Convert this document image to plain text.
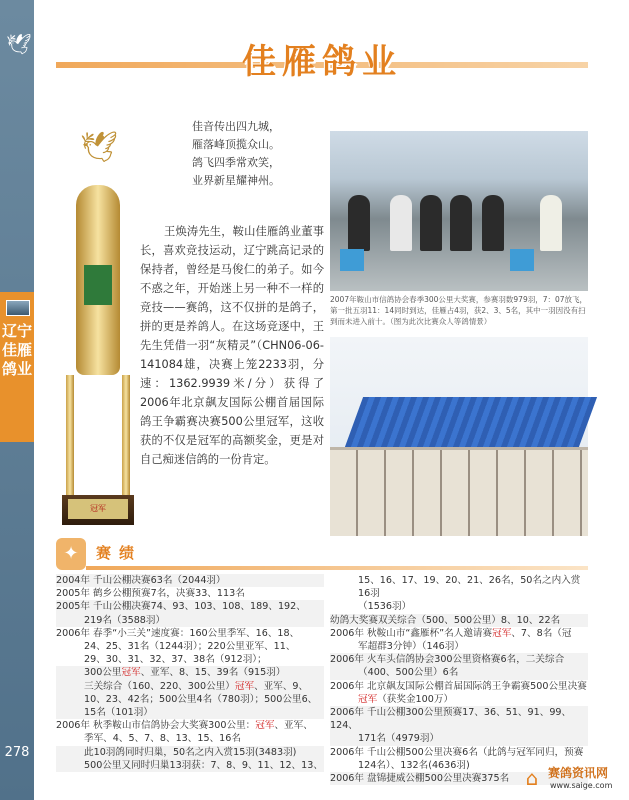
🕊
辽宁佳雁鸽业
278
佳雁鸽业
🕊
冠军
佳音传出四九城，
雁落峰顶揽众山。
鸽飞四季常欢笑，
业界新星耀神州。
王焕涛先生，鞍山佳雁鸽业董事长，喜欢竞技运动，辽宁跳高记录的保持者，曾经是马俊仁的弟子。如今不惑之年，开始迷上另一种不一样的竞技——赛鸽，这不仅拼的是鸽子，拼的更是养鸽人。在这场竞逐中，王先生凭借一羽“灰精灵”（CHN06-06-141084雄，决赛上笼2233羽，分速：1362.9939米/分）获得了2006年北京飙友国际公棚首届国际鸽王争霸赛决赛500公里冠军，这收获的不仅是冠军的高额奖金，更是对自己痴迷信鸽的一份肯定。
2007年鞍山市信鸽协会春季300公里大奖赛，参赛羽数979羽，7：07放飞，第一批五羽11：14同时到达，佳雁占4羽，获2、3、5名，其中一羽因没有扫到而未进入前十。（图为此次比赛众人等鸽情景）
✦	赛绩
2004年 千山公棚决赛63名（2044羽）
2005年 鹤乡公棚预赛7名，决赛33、113名
2005年 千山公棚决赛74、93、103、108、189、192、
219名（3588羽）
2006年 春季“小三关”速度赛：160公里季军、16、18、
24、25、31名（1244羽）；220公里亚军、11、
29、30、31、32、37、38名（912羽）；
300公里冠军、亚军、8、15、39名（915羽）
三关综合（160、220、300公里）冠军、亚军、9、
10、23、42名；500公里4名（780羽）；500公里6、
15名（101羽）
2006年 秋季鞍山市信鸽协会大奖赛300公里：冠军、亚军、
季军、4、5、7、8、13、15、16名
此10羽鸽同时归巢，50名之内入赏15羽(3483羽)
500公里又同时归巢13羽获：7、8、9、11、12、13、
15、16、17、19、20、21、26名，50名之内入赏16羽
（1536羽）
幼鸽大奖赛双关综合（500、500公里）8、10、22名
2006年 秋鞍山市“鑫雁杯”名人邀请赛冠军、7、8名（冠
军超群3分钟）（146羽）
2006年 火车头信鸽协会300公里资格赛6名，二关综合
（400、500公里）6名
2006年 北京飙友国际公棚首届国际鸽王争霸赛500公里决赛
冠军（获奖金100万）
2006年 千山公棚300公里预赛17、36、51、91、99、124、
171名（4979羽）
2006年 千山公棚500公里决赛6名（此鸽与冠军同归，预赛
124名）、132名(4636羽)
2006年 盘锦捷威公棚500公里决赛375名 ⌂ 赛鸽资讯网
www.saige.com
